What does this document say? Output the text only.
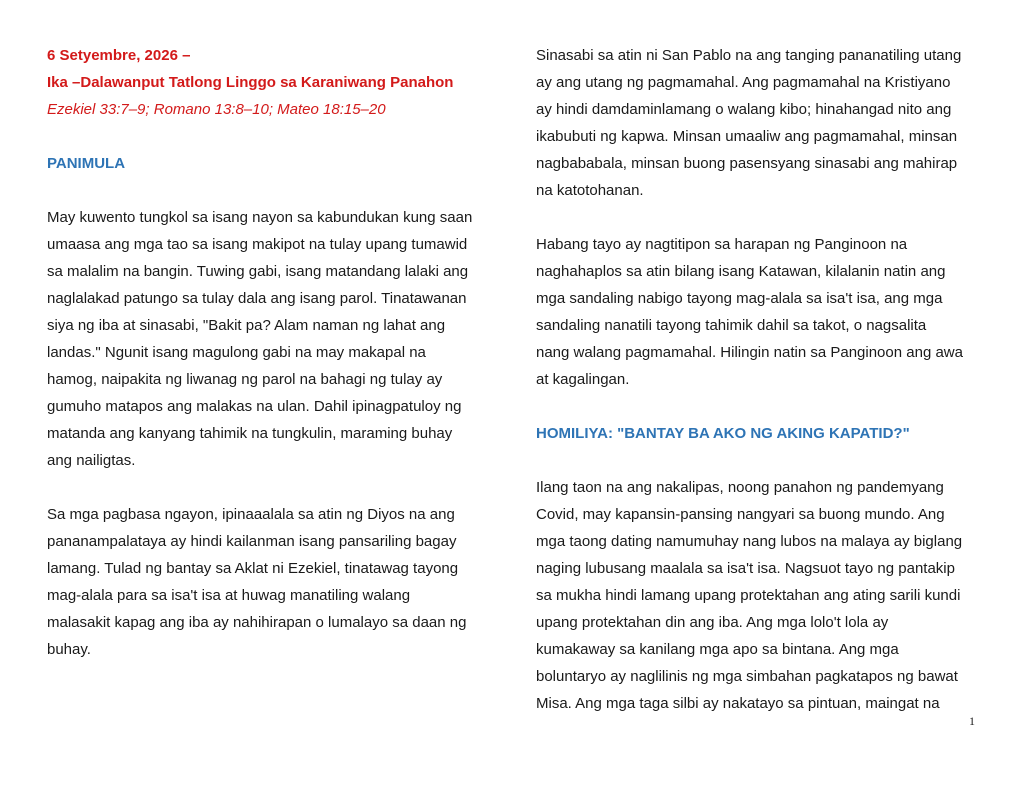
6 Setyembre, 2026 –

Ika –Dalawanput Tatlong Linggo sa Karaniwang Panahon

Ezekiel 33:7–9; Romano 13:8–10; Mateo 18:15–20

PANIMULA

May kuwento tungkol sa isang nayon sa kabundukan kung saan

umaasa ang mga tao sa isang makipot na tulay upang tumawid

sa malalim na bangin. Tuwing gabi, isang matandang lalaki ang

naglalakad patungo sa tulay dala ang isang parol. Tinatawanan

siya ng iba at sinasabi, "Bakit pa? Alam naman ng lahat ang

landas." Ngunit isang magulong gabi na may makapal na

hamog, naipakita ng liwanag ng parol na bahagi ng tulay ay

gumuho matapos ang malakas na ulan. Dahil ipinagpatuloy ng

matanda ang kanyang tahimik na tungkulin, maraming buhay

ang nailigtas.

Sa mga pagbasa ngayon, ipinaaalala sa atin ng Diyos na ang

pananampalataya ay hindi kailanman isang pansariling bagay

lamang. Tulad ng bantay sa Aklat ni Ezekiel, tinatawag tayong

mag-alala para sa isa't isa at huwag manatiling walang

malasakit kapag ang iba ay nahihirapan o lumalayo sa daan ng

buhay.

Sinasabi sa atin ni San Pablo na ang tanging pananatiling utang

ay ang utang ng pagmamahal. Ang pagmamahal na Kristiyano

ay hindi damdaminlamang o walang kibo; hinahangad nito ang

ikabubuti ng kapwa. Minsan umaaliw ang pagmamahal, minsan

nagbababala, minsan buong pasensyang sinasabi ang mahirap

na katotohanan.

Habang tayo ay nagtitipon sa harapan ng Panginoon na

naghahaplos sa atin bilang isang Katawan, kilalanin natin ang

mga sandaling nabigo tayong mag-alala sa isa't isa, ang mga

sandaling nanatili tayong tahimik dahil sa takot, o nagsalita

nang walang pagmamahal. Hilingin natin sa Panginoon ang awa

at kagalingan.

HOMILIYA: "BANTAY BA AKO NG AKING KAPATID?"

Ilang taon na ang nakalipas, noong panahon ng pandemyang

Covid, may kapansin-pansing nangyari sa buong mundo. Ang

mga taong dating namumuhay nang lubos na malaya ay biglang

naging lubusang maalala sa isa't isa. Nagsuot tayo ng pantakip

sa mukha hindi lamang upang protektahan ang ating sarili kundi

upang protektahan din ang iba. Ang mga lolo't lola ay

kumakaway sa kanilang mga apo sa bintana. Ang mga

boluntaryo ay naglilinis ng mga simbahan pagkatapos ng bawat

Misa. Ang mga taga silbi ay nakatayo sa pintuan, maingat na

1
